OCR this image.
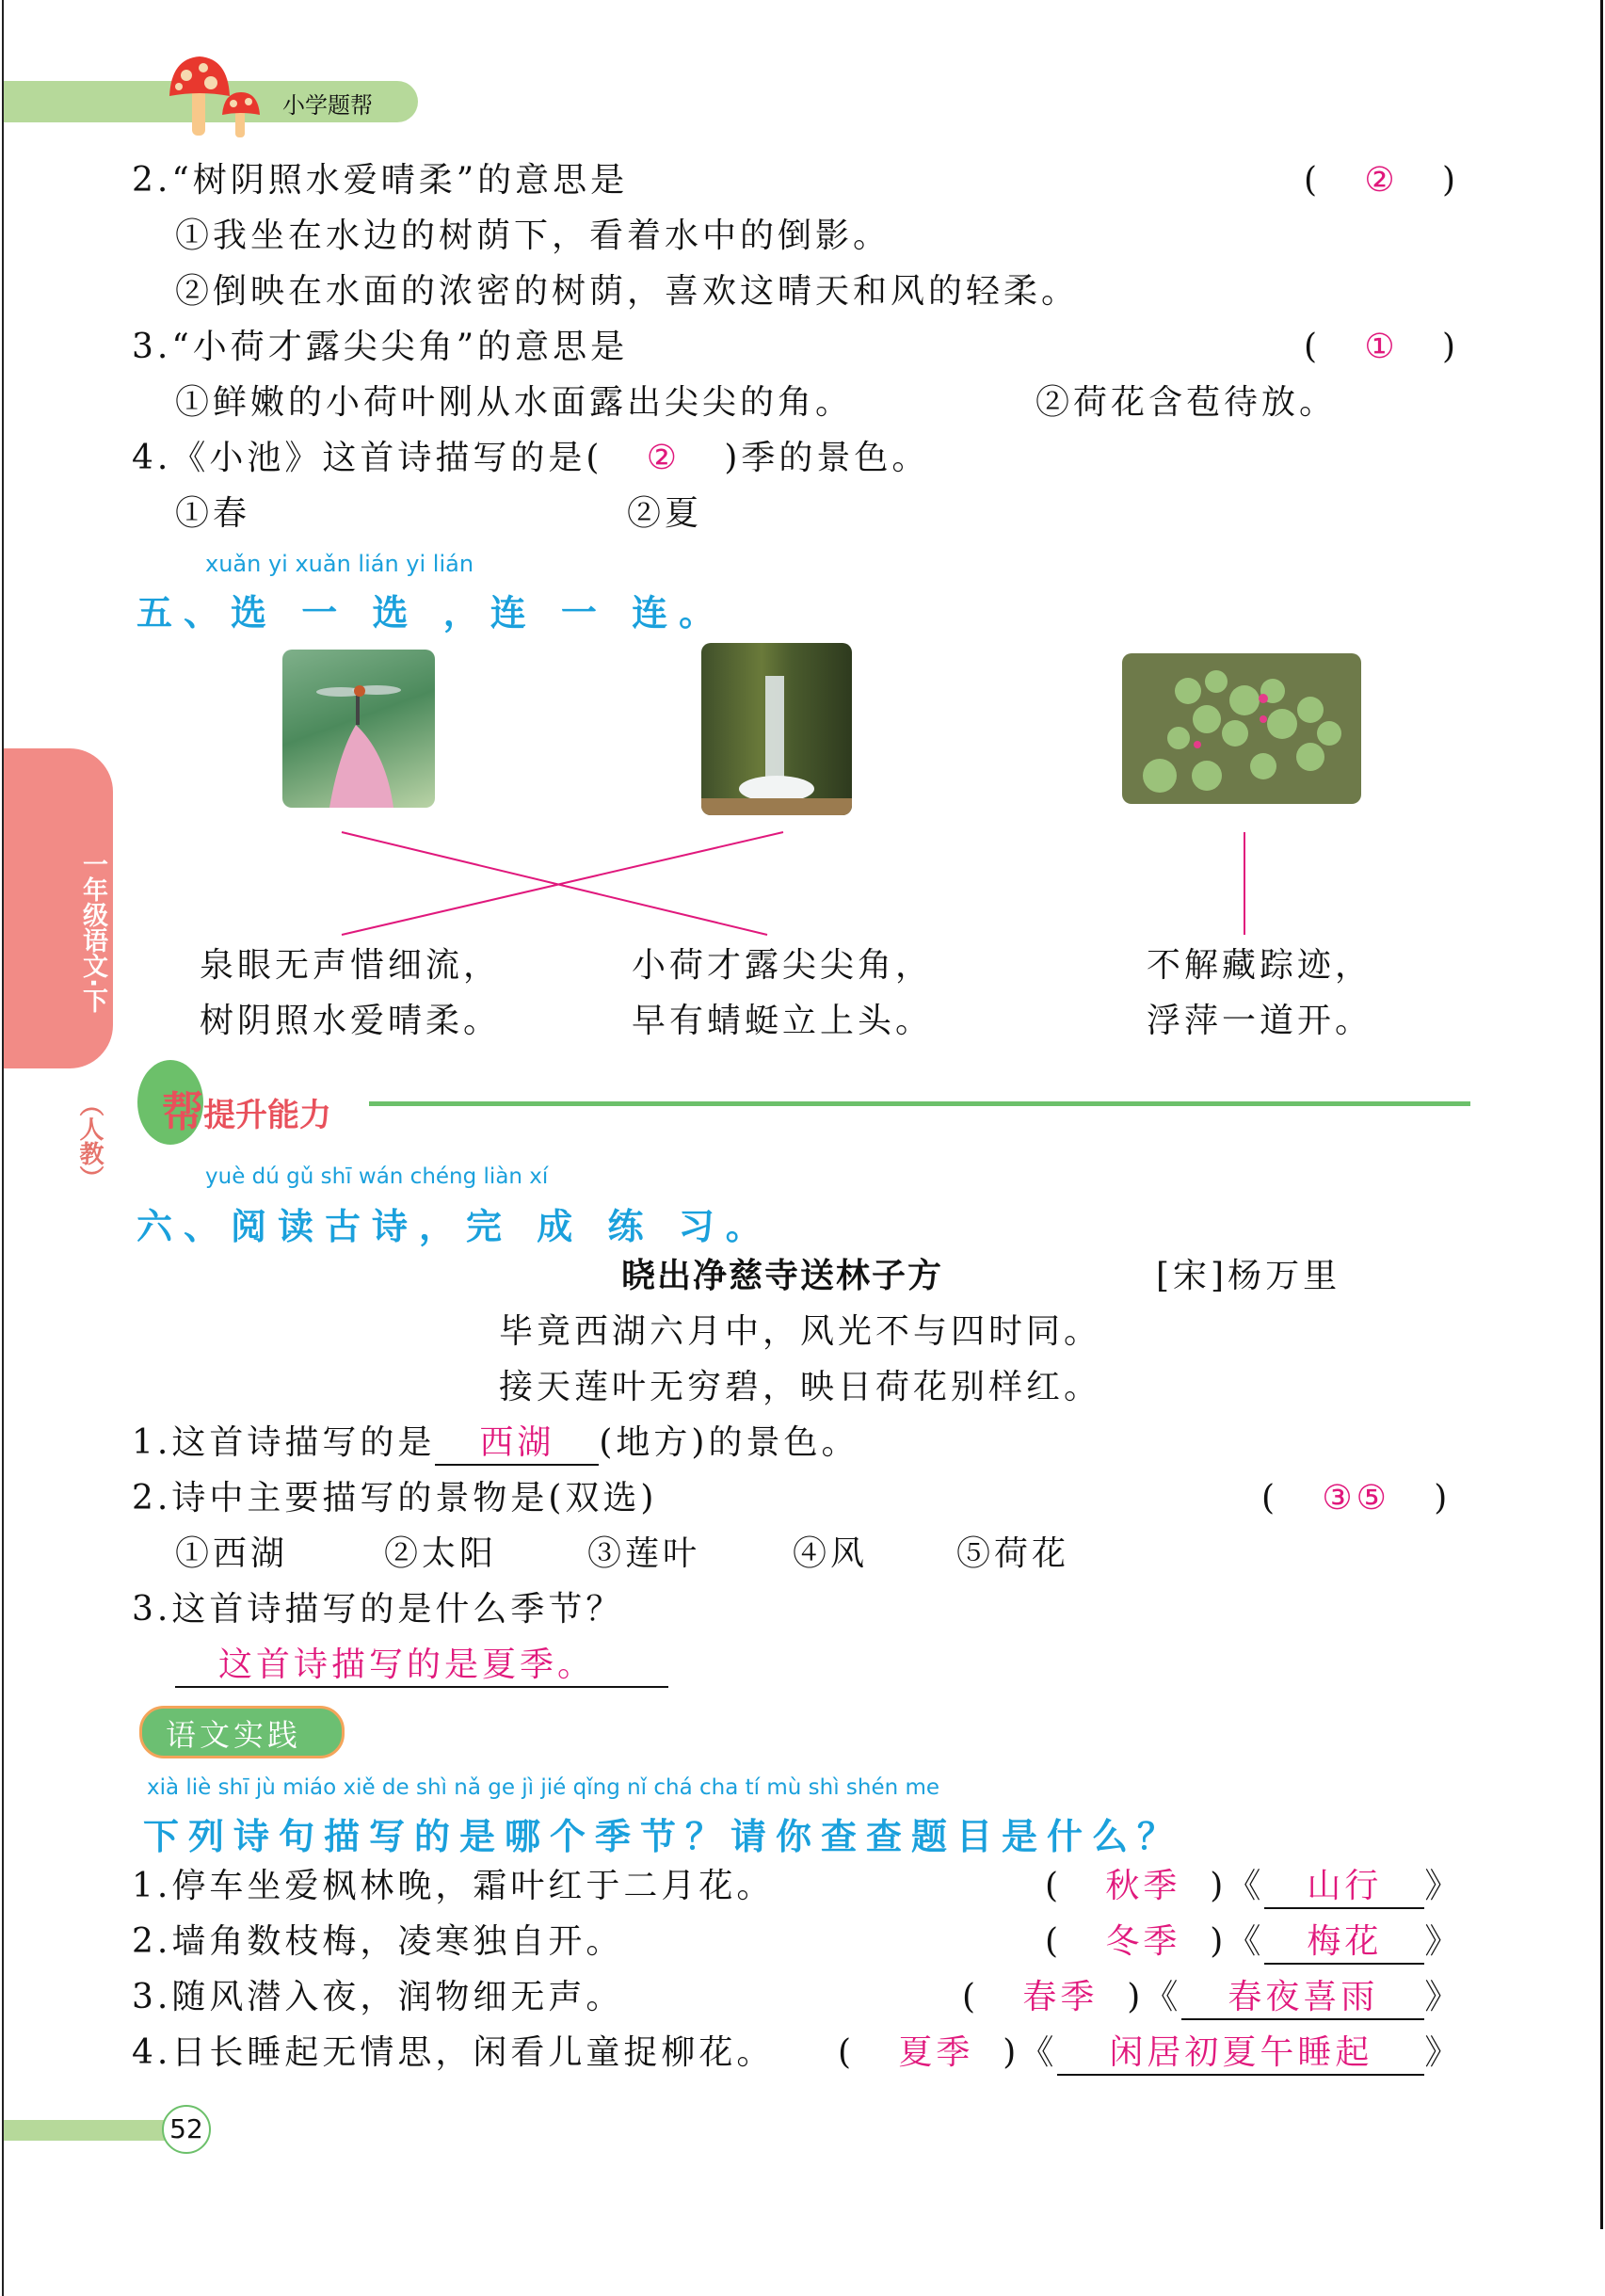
小学题帮
一年级语文·下
（人教）
2.“树阴照水爱晴柔”的意思是	(   ②   )
①我坐在水边的树荫下，看着水中的倒影。
②倒映在水面的浓密的树荫，喜欢这晴天和风的轻柔。
3.“小荷才露尖尖角”的意思是	(   ①   )
①鲜嫩的小荷叶刚从水面露出尖尖的角。	②荷花含苞待放。
4.《小池》这首诗描写的是( ② )季的景色。
①春	②夏
xuǎn yi xuǎn lián yi lián
五、选 一 选 ，连 一 连。
泉眼无声惜细流，
树阴照水爱晴柔。
小荷才露尖尖角，
早有蜻蜓立上头。
不解藏踪迹，
浮萍一道开。
帮提升能力
yuè dú gǔ shī wán chéng liàn xí
六、阅读古诗，完 成 练 习。
晓出净慈寺送林子方	[宋]杨万里
毕竟西湖六月中，风光不与四时同。
接天莲叶无穷碧，映日荷花别样红。
1.这首诗描写的是 西湖 (地方)的景色。
2.诗中主要描写的景物是(双选)	(   ③⑤   )
①西湖	②太阳	③莲叶	④风	⑤荷花
3.这首诗描写的是什么季节？
这首诗描写的是夏季。
语文实践
xià liè shī jù miáo xiě de shì nǎ ge jì jié qǐng nǐ chá cha tí mù shì shén me
下列诗句描写的是哪个季节？请你查查题目是什么？
1.停车坐爱枫林晚，霜叶红于二月花。	(   秋季  )《 山行 》
2.墙角数枝梅，凌寒独自开。	(   冬季  )《 梅花 》
3.随风潜入夜，润物细无声。	(   春季  )《 春夜喜雨 》
4.日长睡起无情思，闲看儿童捉柳花。 (   夏季  )《 闲居初夏午睡起 》
52
